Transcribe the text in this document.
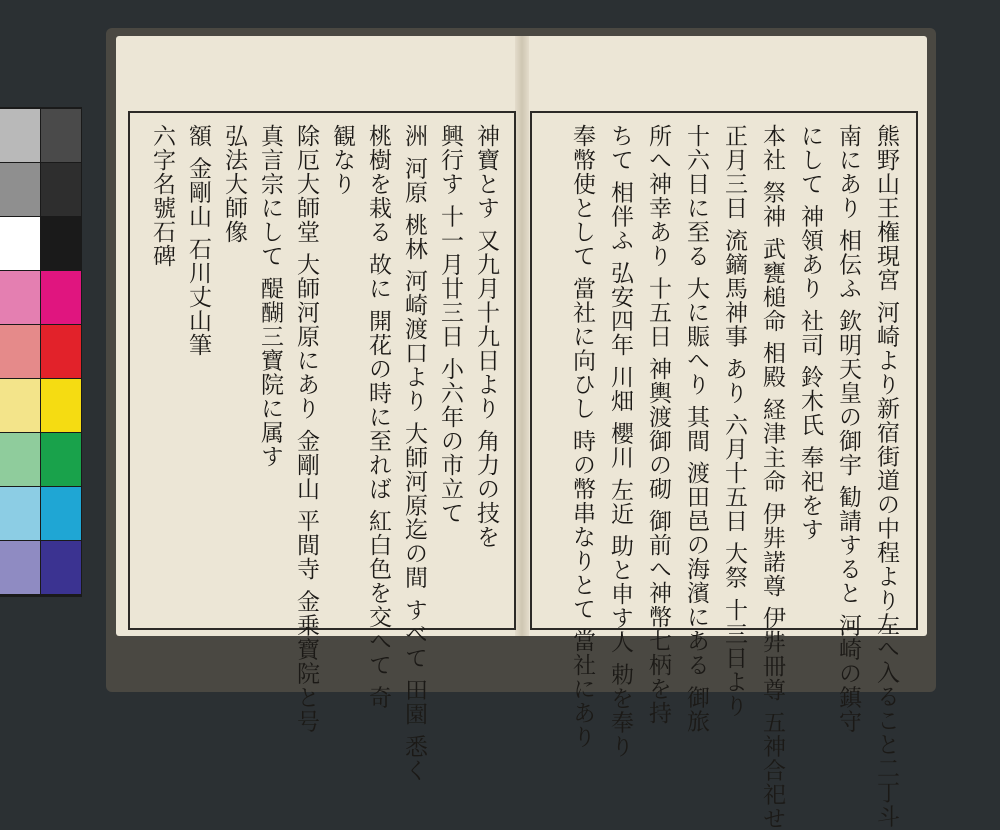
熊野山王権現宮 河崎より新宿街道の中程より左へ入ること二丁斗
南にあり 相伝ふ 欽明天皇の御宇 勧請すると 河崎の鎮守
にして 神領あり 社司 鈴木氏 奉祀をす
本社 祭神 武甕槌命 相殿 経津主命 伊弉諾尊 伊弉冊尊 五神合祀せ
正月三日 流鏑馬神事 あり 六月十五日 大祭 十三日より
十六日に至る 大に賑へり 其間 渡田邑の海濱にある 御旅
所へ神幸あり 十五日 神輿渡御の砌 御前へ神幣七柄を持
ちて 相伴ふ 弘安四年 川畑 櫻川 左近 助と申す人 勅を奉り
奉幣使として 當社に向ひし 時の幣串なりとて 當社にあり
神寶とす 又九月十九日より 角力の技を
興行す 十一月廿三日 小六年の市立て
洲 河原 桃林 河崎渡口より 大師河原迄の間 すべて 田園 悉く
桃樹を栽る 故に 開花の時に至れば 紅白色を交へて 奇
観なり
除厄大師堂 大師河原にあり 金剛山 平間寺 金乗寶院と号
真言宗にして 醍醐三寶院に属す
弘法大師像
額 金剛山 石川丈山筆
六字名號石碑
